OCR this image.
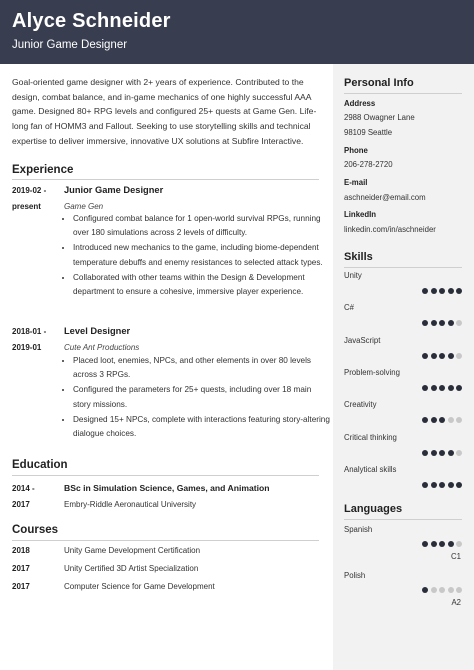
Alyce Schneider
Junior Game Designer
Goal-oriented game designer with 2+ years of experience. Contributed to the design, combat balance, and in-game mechanics of one highly successful AAA game. Designed 80+ RPG levels and configured 25+ quests at Game Gen. Life-long fan of HOMM3 and Fallout. Seeking to use storytelling skills and technical expertise to deliver immersive, innovative UX solutions at Subfire Interactive.
Experience
2019-02 -
present
Junior Game Designer
Game Gen
• Configured combat balance for 1 open-world survival RPGs, running over 180 simulations across 2 levels of difficulty.
• Introduced new mechanics to the game, including biome-dependent temperature debuffs and enemy resistances to selected attack types.
• Collaborated with other teams within the Design & Development department to ensure a cohesive, immersive player experience.
2018-01 -
2019-01
Level Designer
Cute Ant Productions
• Placed loot, enemies, NPCs, and other elements in over 80 levels across 3 RPGs.
• Configured the parameters for 25+ quests, including over 18 main story missions.
• Designed 15+ NPCs, complete with interactions featuring story-altering dialogue choices.
Education
2014 -
2017
BSc in Simulation Science, Games, and Animation
Embry-Riddle Aeronautical University
Courses
2018	Unity Game Development Certification
2017	Unity Certified 3D Artist Specialization
2017	Computer Science for Game Development
Personal Info
Address
2988 Owagner Lane
98109 Seattle
Phone
206-278-2720
E-mail
aschneider@email.com
LinkedIn
linkedin.com/in/aschneider
Skills
Unity
C#
JavaScript
Problem-solving
Creativity
Critical thinking
Analytical skills
Languages
Spanish
C1
Polish
A2
